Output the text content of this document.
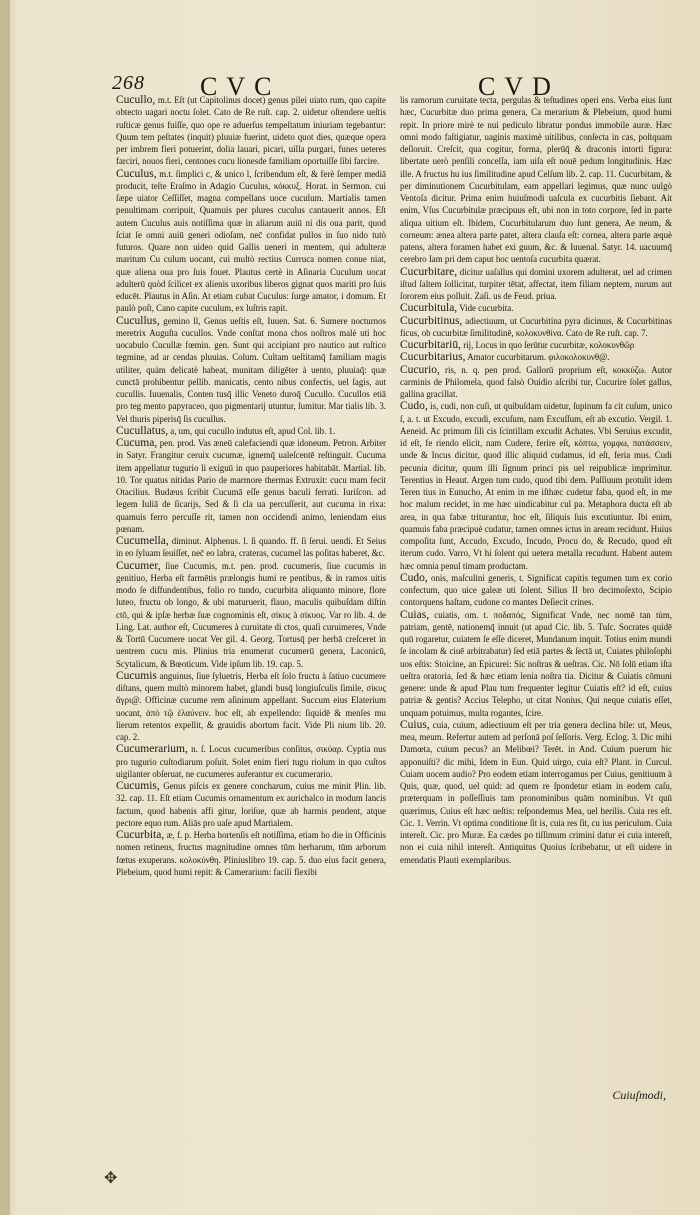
268 CVC	CVD
Cucullo, m.t. Eſt (ut Capitolinus docet) genus pilei uiato rum, quo capite obtecto uagari noctu ſolet. Cato de Re ruſt. cap. 2. uidetur oſtendere ueſtis ruſticæ genus fuiſſe, quo ope re aduerſus tempeſtatum iniuriam tegebantur: Quum tem peſtates (inquit) pluuiæ fuerint, uideto quot dies, quæque opera per imbrem fieri potuerint, dolia lauari, picari, uilla purgari, funes ueteres farciri, nouos fieri, centones cucu lionesde familiam oportuiſſe ſibi farcire.
Cuculus, m.t. ſimplici c, & unico l, ſcribendum eſt, & ferè ſemper mediā producit, teſte Eraſmo in Adagio Cuculus, κόκκυξ. Horat. in Sermon. cui ſæpe uiator Ceſſiſſet, magna compellans uoce cuculum. Martialis tamen penultimam corripuit, Quamuis per plures cuculus cantauerit annos. Eſt autem Cuculus auis notiſſima quæ in aliarum auiū ni dis oua parit, quod ſciat ſe omni auiū generi odioſam, nec̄ confidat pullos in ſuo nido tutò futuros. Quare non uideo quid Gallis ueneri in mentem, qui adulteræ maritum Cu culum uocant, cui multò rectius Curruca nomen conue niat, quæ aliena oua pro ſuis fouet. Plautus certè in Aſinaria Cuculum uocat adulterū quòd ſcilicet ex alienis uxoribus liberos gignat quos mariti pro ſuis educēt. Plautus in Aſin. At etiam cubat Cuculus: ſurge amator, i domum. Et paulò poſt, Cano capite cuculum, ex luſtris rapit.
Cucullus, gemino ll, Genus ueſtis eſt, Iuuen. Sat. 6. Sumere nocturnos meretrix Auguſta cucullos. Vnde conſtat mona chos noſtros malè uti hoc uocabulo Cucullæ fœmin. gen. Sunt qui accipiant pro nautico aut ruſtico tegmine, ad ar cendas pluuias. Colum. Cultam ueſtitamq̄ familiam magis utiliter, quàm delicatè habeat, munitam diligēter à uento, pluuiaq̄: quæ cunctā prohibentur pellib. manicatis, cento nibus confectis, uel ſagis, aut cucullis. Iuuenalis, Conten tusq̄ illic Veneto duroq̄ Cucullo. Cucullos etiā pro teg mento papyraceo, quo pigmentarij utuntur, ſumitur. Mar tialis lib. 3. Vel thuris piperisq̄ ſis cucullus.
Cucullatus, a, um, qui cucullo indutus eſt, apud Col. lib. 1.
Cucuma, pen. prod. Vas æneū calefaciendi quæ idoneum. Petron. Arbiter in Satyr. Frangitur ceruix cucumæ, ignemq̄ ualeſcentē reſtinguit. Cucuma item appellatur tugurio li exiguū in quo pauperiores habitabāt. Martial. lib. 10. Tor quatus nitidas Pario de marmore thermas Extruxit: cucu mam fecit Otacilius. Budæus ſcribit Cucumā eſſe genus baculi ferrati. Iuriſcon. ad legem Iuliā de ſicarijs, Sed & ſi cla ua percuſſerit, aut cucuma in rixa: quamuis ferro percuſſe rit, tamen non occidendi animo, leniendam eius pœnam.
Cucumella, diminut. Alphenus. l. ſi quando. ff. ſi ſerui. uendi. Et Seius in eo ſyluam ſeuiſſet, nec̄ eo labra, crateras, cucumel las poſitas haberet, &c.
Cucumer, ſiue Cucumis, m.t. pen. prod. cucumeris, ſiue cucumis in genitiuo, Herba eſt farmētis prælongis humi re pentibus, & in ramos uitis modo ſe diffundentibus, folio ro tundo, cucurbita aliquanto minore, flore luteo, fructu ob longo, & ubi maturuerit, flauo, maculis quibuſdam diſtin ctō, qui & ipſæ herbæ ſuæ cognominis eſt, σίκυς à σίκυος. Var ro lib. 4. de Ling. Lat. author eſt, Cucumeres à curuitate di ctos, quaſi curuimeres, Vnde & Tortū Cucumere uocat Ver gil. 4. Georg. Tortusq̄ per herbā creſceret in uentrem cucu mis. Plinius tria enumerat cucumerū genera, Laconicū, Scytalicum, & Bœoticum. Vide ipſum lib. 19. cap. 5.
Cucumis anguinus, ſiue ſyluetris, Herba eſt ſolo fructu à ſatiuo cucumere diſtans, quem multò minorem habet, glandi busq̄ longiuſculis ſimile, σίκυς ἄγρι@. Officinæ cucume rem aſininum appellant. Succum eius Elaterium uocant, ἀπὸ τῷ ἐλαύνειν. hoc eſt, ab expellendo: ſiquidē & menſes mu lierum retentos expellit, & grauidis abortum facit. Vide Pli nium lib. 20. cap. 2.
Cucumerarium, n. ſ. Locus cucumeribus conſitus, σικύαρ. Cyptia nus pro tugurio cuſtodiarum poſuit. Solet enim fieri tugu riolum in quo cuſtos uigilanter obſeruat, ne cucumeres auferantur ex cucumerario.
Cucumis, Genus piſcis ex genere concharum, cuius me minit Plin. lib. 32. cap. 11. Eſt etiam Cucumis ornamentum ex aurichalco in modum lancis factum, quod habenis affi gitur, loriſue, quæ ab harmis pendent, atque pectore equo rum. Aliās pro uaſe apud Martialem.
Cucurbita, æ, f. p. Herba hortenſis eſt notiſſima, etiam ho die in Officinis nomen retinens, fructus magnitudine omnes tūm herbarum, tūm arborum fœtus exuperans. κολοκύνθη. Pliniuslibro 19. cap. 5. duo eius facit genera, Plebeium, quod humi repit: & Camerarium: facili flexibi
lis ramorum curuitate tecta, pergulas & teſtudines operi ens. Verba eius ſunt hæc, Cucurbitæ duo prima genera, Ca merarium & Plebeium, quod humi repit. In priore mirè te nui pediculo libratur pondus immobile auræ. Hæc omni modo faſtigiatur, uaginis maximè uitilibus, conſecta in cas, poſtquam deſloruit. Creſcit, qua cogitur, forma, plerūq̄ & draconis intorti figura: libertate uerò penſili conceſſa, iam uiſa eſt nouē pedum longitudinis. Hæc ille. A fructus hu ius ſimilitudine apud Celſum lib. 2. cap. 11. Cucurbitam, & per diminutionem Cucurbitulam, eam appellari legimus, quæ nunc uulgò Ventoſa dicitur. Prima enim huiuſmodi uaſcula ex cucurbitis ſiebant. Ait enim, Vſus Cucurbitulæ præcipuus eſt, ubi non in toto corpore, ſed in parte aliqua uitium eſt. Ibidem, Cucurbitularum duo ſunt genera, Ae neum, & corneum: ænea altera parte patet, altera clauſa eſt: cornea, altera parte æquè patens, altera foramen habet exi guum, &c. & Iuuenal. Satyr. 14. uacuumq̄ cerebro Iam pri dem caput hoc uentoſa cucurbita quærat.
Cucurbitare, dicitur uaſallus qui domini uxorem adulterat, uel ad crimen iſtud ſaltem ſollicitat, turpiter tētat, affectat, item filiam neptem, nurum aut ſororem eius polluit. Zaſi. us de Feud. priua.
Cucurbitula, Vide cucurbita.
Cucurbitinus, adiectiuum, ut Cucurbitina pyra dicimus, & Cucurbitinas ficus, ob cucurbitæ ſimilitudinē, κολοκυνθίνα. Cato de Re ruſt. cap. 7.
Cucurbitariū, rij, Locus in quo ſerūtur cucurbitæ, κολοκυνθῶρ
Cucurbitarius, Amator cucurbitarum. φιλοκολοκυνθ@.
Cucurio, ris, n. q. pen prod. Gallorū proprium eſt, κοκκύζω. Autor carminis de Philomela, quod falsò Ouidio aſcribi tur, Cucurire ſolet gallus, gallina gracillat.
Cudo, is, cudi, non cuſi, ut quibuſdam uidetur, ſupinum fa cit cuſum, unico ſ, a. t. ut Excudo, excudi, excuſum, nam Excuſſum, eſt ab excutio. Vergil. 1. Aeneid. Ac primum ſili cis ſcintillam excudit Achates. Vbi Seruius excudit, id eſt, fe riendo elicit, nam Cudere, ferire eſt, κόπτω, γομφω, πατάσσειν, unde & Incus dicitur, quod illic aliquid cudamus, id eſt, feria mus. Cudi pecunia dicitur, quum illi ſignum princi pis uel reipublicæ imprimitur. Terentius in Heaut. Argen tum cudo, quod tibi dem. Paſſiuum protulit idem Teren tius in Eunucho, At enim in me iſthæc cudetur faba, quod eſt, in me hoc malum recidet, in me hæc uindicabitur cul pa. Metaphora ducta eſt ab area, in qua fabæ triturantur, hoc eſt, ſiliquis ſuis excutiuntur. Ibi enim, quamuis faba præcipuè cudatur, tamen omnes ictus in aream recidunt. Huius compoſita ſunt, Accudo, Excudo, Incudo, Procu do, & Recudo, quod eſt iterum cudo. Varro, Vt hi ſolent qui uetera metalla recudunt. Habent autem hæc omnia penul timam productam.
Cudo, onis, maſculini generis, t. Significat capitis tegumen tum ex corio confectum, quo uice galeæ uti ſolent. Silius II bro decimoſexto, Scipio contorquens haſtam, cudone co mantes Deſiecit crines.
Cuias, cuiatis, om. t. ποδαπός, Significat Vnde, nec nomē tan tùm, patriam, gentē, nationemq̄ innuit (ut apud Cic. lib. 5. Tuſc. Socrates quidē quū rogaretur, cuiatem ſe eſſe diceret, Mundanum inquit. Totius enim mundi ſe incolam & ciuē arbitrabatur) ſed etiā partes & ſectā ut, Cuiates philoſophi uos eſtis: Stoicine, an Epicurei: Sic noſtras & ueſtras. Cic. Nō ſolū etiam iſta ueſtra oratoria, ſed & hæc etiam lenia noſtra tia. Dicitur & Cuiatis cōmuni genere: unde & apud Plau tum frequenter legitur Cuiatis eſt? id eſt, cuius patriæ & gentis? Accius Telepho, ut citat Nonius, Qui neque cuiatis eſſet, unquam potuimus, multa rogantes, ſcire.
Cuius, cuia, cuium, adiectiuum eſt per tria genera declina bile: ut, Meus, mea, meum. Refertur autem ad perſonā poſ ſeſſoris. Verg. Eclog. 3. Dic mihi Damœta, cuium pecus? an Melibœi? Terēt. in And. Cuium puerum hic apponuiſti? dic mihi, Idem in Eun. Quid uirgo, cuia eſt? Plant. in Curcul. Cuiam uocem audio? Pro eodem etiam interrogamus per Cuius, genitiuum à Quis, quæ, quod, uel quid: ad quem re ſpondetur etiam in eodem caſu, præterquam in poſſeſſiuis tam pronominibus quām nominibus. Vt quū quærimus, Cuius eſt hæc ueſtis: reſpondemus Mea, uel herilis. Cuia res eſt. Cic. 1. Verrin. Vt optima conditione ſit is, cuia res ſit, cu ius periculum. Cuia intereſt. Cic. pro Muræ. Ea cædes po tiſſimum crimini datur ei cuia intereſt, non ei cuia nihil intereſt. Antiquitus Quoius ſcribebatur, ut eſt uidere in emendatis Plauti exemplaribus.
Cuiuſmodi,
✥
